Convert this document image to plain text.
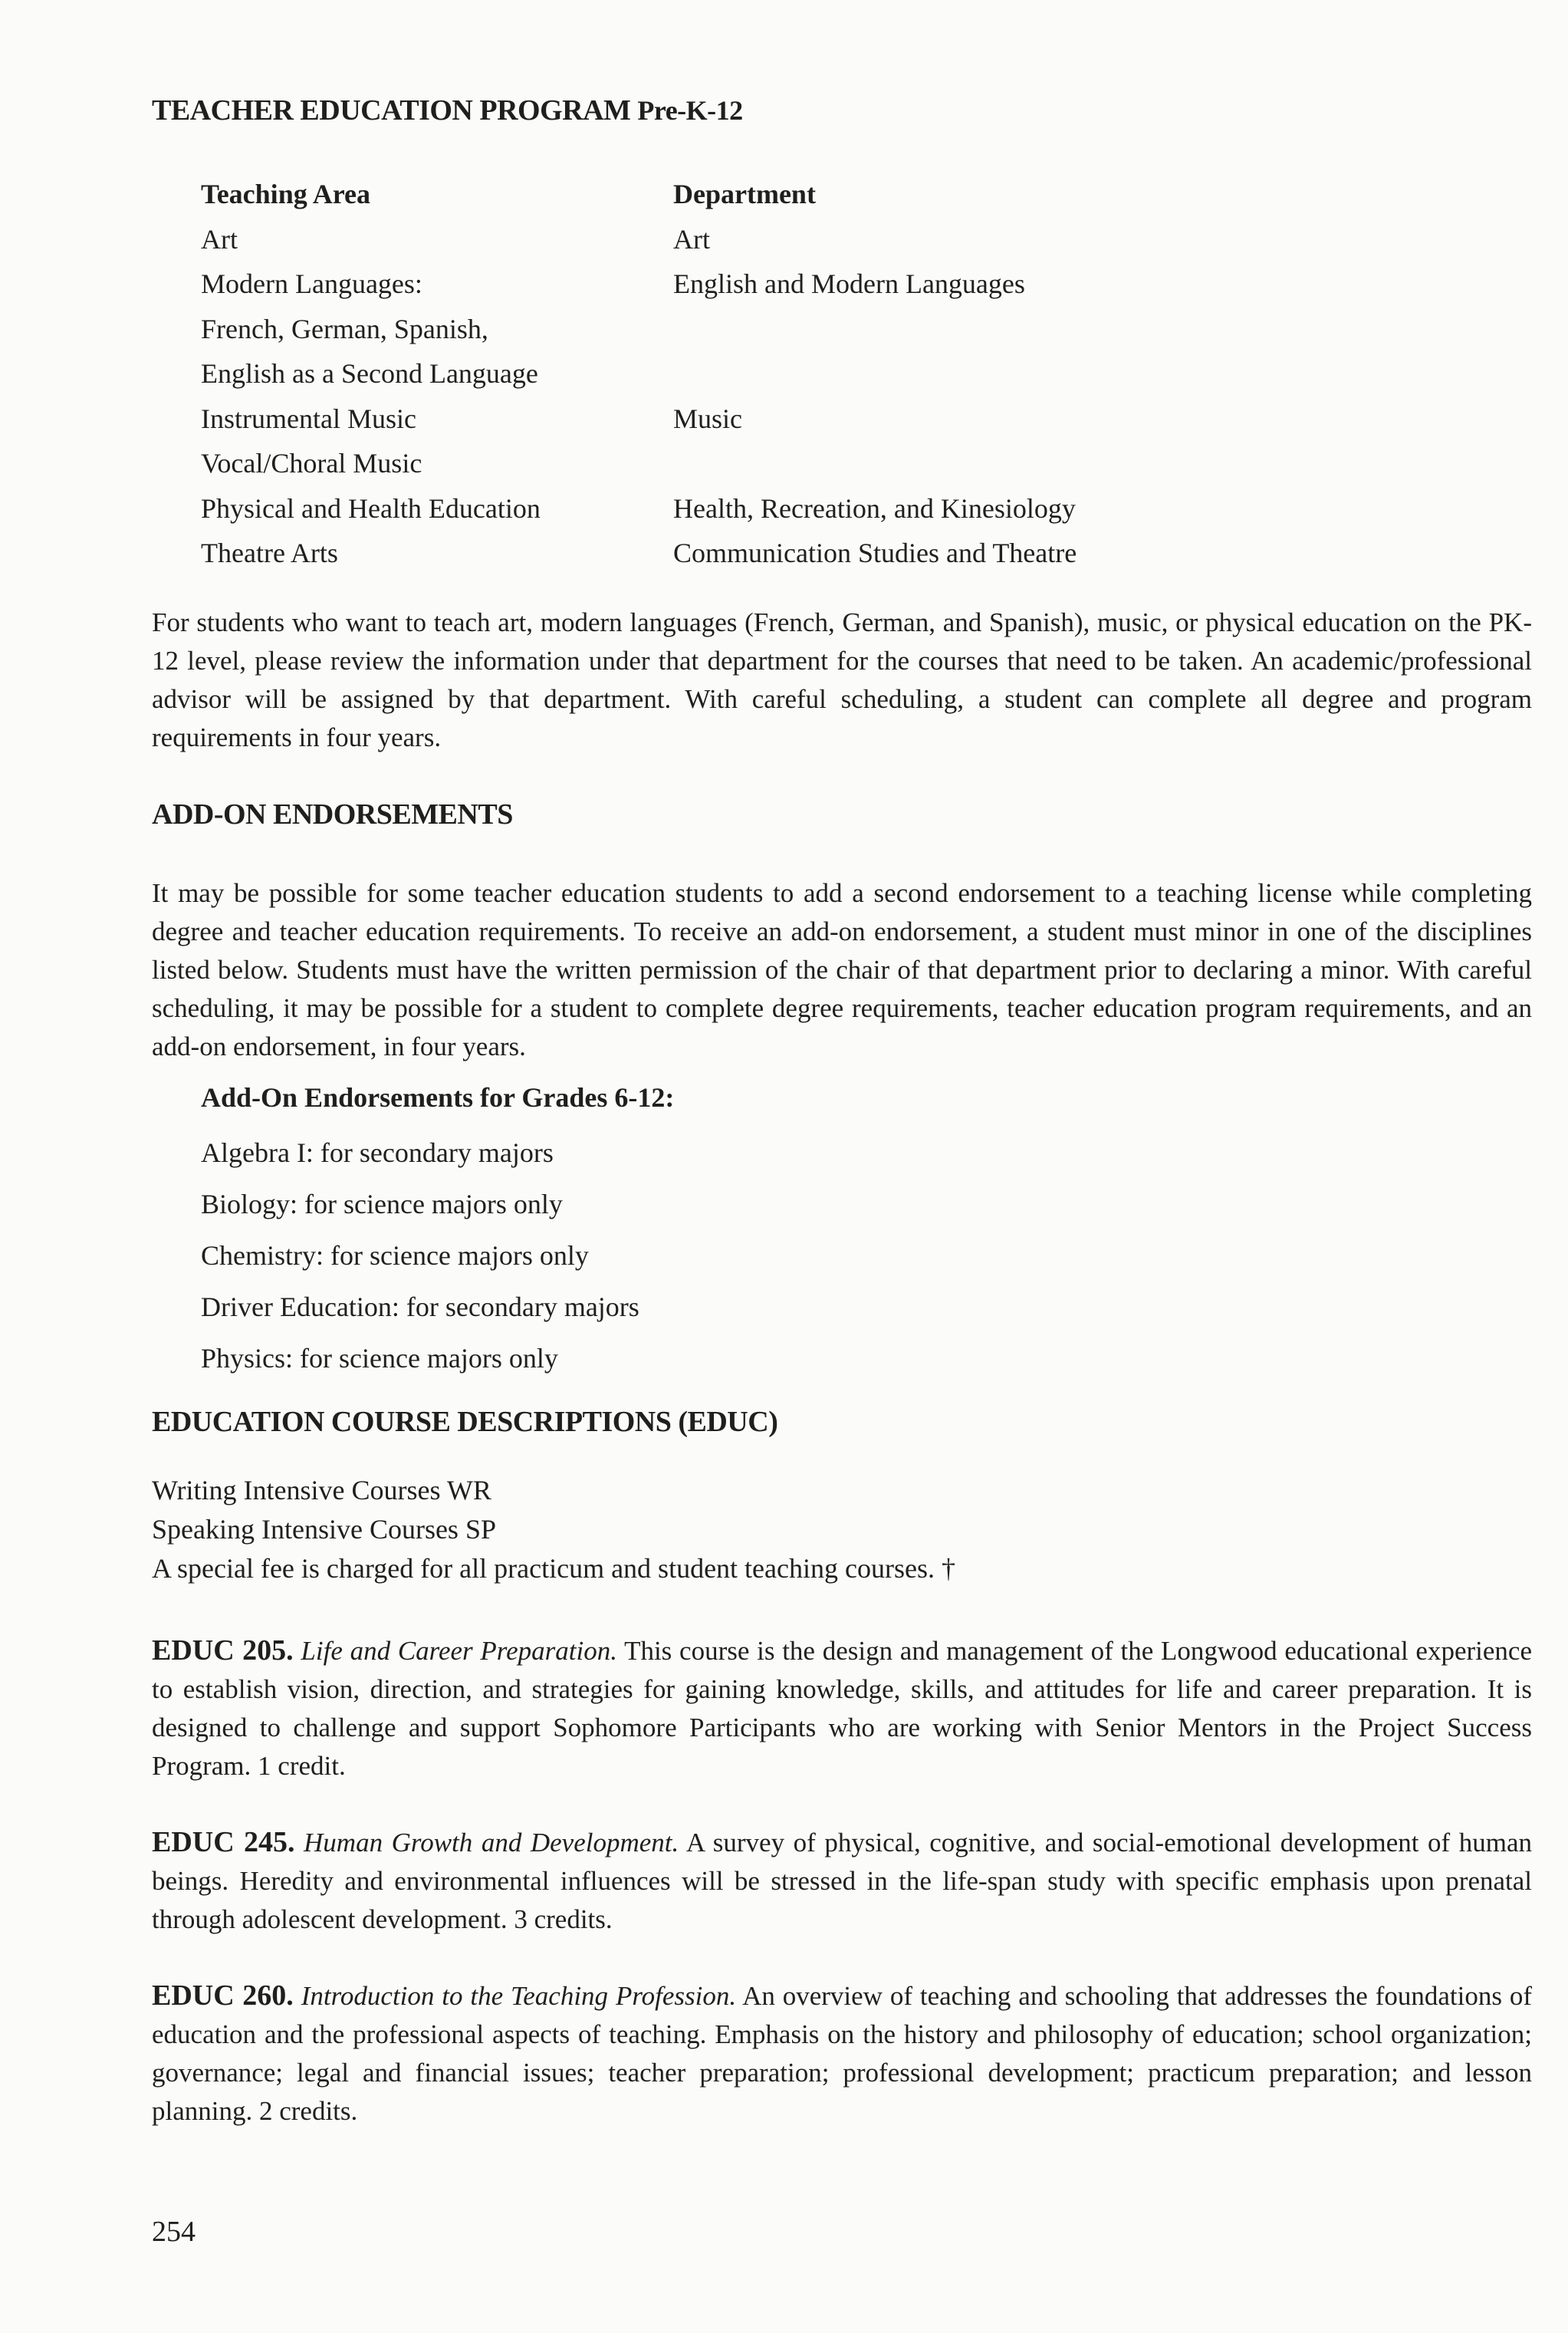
TEACHER EDUCATION PROGRAM Pre-K-12
Teaching Area	Department
Art	Art
Modern Languages:	English and Modern Languages
French, German, Spanish,
English as a Second Language
Instrumental Music	Music
Vocal/Choral Music
Physical and Health Education	Health, Recreation, and Kinesiology
Theatre Arts	Communication Studies and Theatre

For students who want to teach art, modern languages (French, German, and Spanish), music, or physical education on the PK-12 level, please review the information under that department for the courses that need to be taken. An academic/professional advisor will be assigned by that department. With careful scheduling, a student can complete all degree and program requirements in four years.

ADD-ON ENDORSEMENTS

It may be possible for some teacher education students to add a second endorsement to a teaching license while completing degree and teacher education requirements. To receive an add-on endorsement, a student must minor in one of the disciplines listed below. Students must have the written permission of the chair of that department prior to declaring a minor. With careful scheduling, it may be possible for a student to complete degree requirements, teacher education program requirements, and an add-on endorsement, in four years.

Add-On Endorsements for Grades 6-12:
Algebra I: for secondary majors
Biology: for science majors only
Chemistry: for science majors only
Driver Education: for secondary majors
Physics: for science majors only
EDUCATION COURSE DESCRIPTIONS (EDUC)
Writing Intensive Courses WR
Speaking Intensive Courses SP
A special fee is charged for all practicum and student teaching courses. †

EDUC 205. Life and Career Preparation. This course is the design and management of the Longwood educational experience to establish vision, direction, and strategies for gaining knowledge, skills, and attitudes for life and career preparation. It is designed to challenge and support Sophomore Participants who are working with Senior Mentors in the Project Success Program. 1 credit.

EDUC 245. Human Growth and Development. A survey of physical, cognitive, and social-emotional development of human beings. Heredity and environmental influences will be stressed in the life-span study with specific emphasis upon prenatal through adolescent development. 3 credits.

EDUC 260. Introduction to the Teaching Profession. An overview of teaching and schooling that addresses the foundations of education and the professional aspects of teaching. Emphasis on the history and philosophy of education; school organization; governance; legal and financial issues; teacher preparation; professional development; practicum preparation; and lesson planning. 2 credits.

254
